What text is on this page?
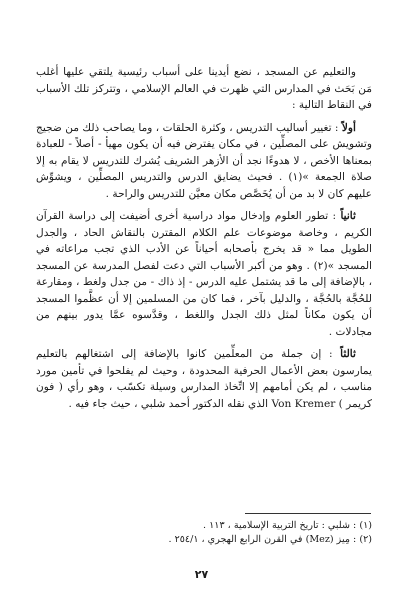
والتعليم عن المسجد ، نضع أيدينا على أسباب رئيسية يلتقي عليها أغلب مَن بَحَث في المدارس التي ظهرت في العالم الإسلامي ، وتتركز تلك الأسباب في النقاط التالية :

أولاً : تغيير أساليب التدريس ، وكثرة الحلقات ، وما يصاحب ذلك من ضجيج وتشويش على المصلِّين ، في مكان يفترض فيه أن يكون مهيأ - أصلاً - للعبادة بمعناها الأخص ، لا هدوءًا نجد أن الأزهر الشريف يُشرك للتدريس لا يقام به إلا صلاة الجمعة »(١) . فحيث يضايق الدرس والتدريس المصلِّين ، ويشوِّش عليهم كان لا بد من أن يُخَصَّص مكان معيَّن للتدريس والراحة .

ثانياً : تطور العلوم وإدخال مواد دراسية أخرى أضيفت إلى دراسة القرآن الكريم ، وخاصة موضوعات علم الكلام المقترن بالنقاش الحاد ، والجدل الطويل مما « قد يخرج بأصحابه أحياناً عن الأدب الذي تجب مراعاته في المسجد »(٢) . وهو من أكبر الأسباب التي دعت لفصل المدرسة عن المسجد ، بالإضافة إلى ما قد يشتمل عليه الدرس - إذ ذاك - من جدل ولغط ، ومقارعة للحُجَّة بالحُجَّة ، والدليل بآخر ، فما كان من المسلمين إلا أن عظَّموا المسجد أن يكون مكاناً لمثل ذلك الجدل واللغط ، وقدَّسوه عمَّا يدور بينهم من مجادلات .

ثالثاً : إن جملة من المعلِّمين كانوا بالإضافة إلى اشتغالهم بالتعليم يمارسون بعض الأعمال الحرفية المحدودة ، وحيث لم يفلحوا في تأمين مورد مناسب ، لم يكن أمامهم إلا اتِّخاذ المدارس وسيلة تكسّب ، وهو رأي ( فون كريمر ) Von Kremer الذي نقله الدكتور أحمد شلبي ، حيث جاء فيه .

(١) : شلبي : تاريخ التربية الإسلامية ، ١١٣ .

(٢) : مِيز (Mez) في القرن الرابع الهجري ، ٢٥٤/١ .

٢٧
